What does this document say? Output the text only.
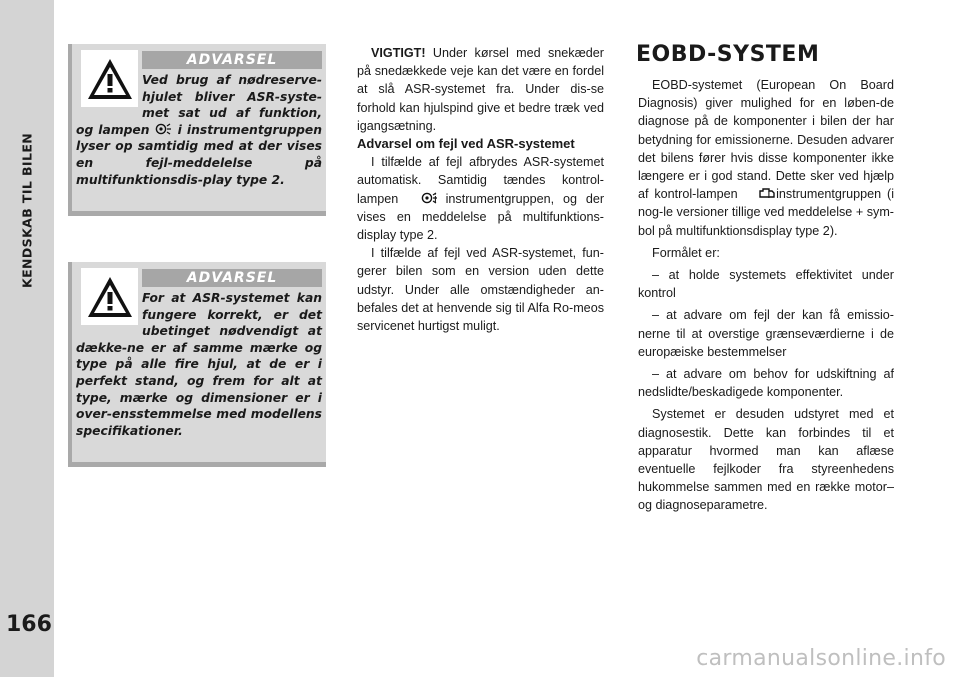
KENDSKAB TIL BILEN
166
ADVARSEL
Ved brug af nødreserve-hjulet bliver ASR-syste-met sat ud af funktion, og lampen i instrumentgruppen lyser op samtidig med at der vises en fejl-meddelelse på multifunktionsdis-play type 2.
ADVARSEL
For at ASR-systemet kan fungere korrekt, er det ubetinget nødvendigt at dække-ne er af samme mærke og type på alle fire hjul, at de er i perfekt stand, og frem for alt at type, mærke og dimensioner er i over-ensstemmelse med modellens specifikationer.

VIGTIGT! Under kørsel med snekæder på snedækkede veje kan det være en fordel at slå ASR-systemet fra. Under dis-se forhold kan hjulspind give et bedre træk ved igangsætning.

Advarsel om fejl ved ASR-systemet

I tilfælde af fejl afbrydes ASR-systemet automatisk. Samtidig tændes kontrol-lampen	i instrumentgruppen, og der vises en meddelelse på multifunktions-display type 2.

I tilfælde af fejl ved ASR-systemet, fun-gerer bilen som en version uden dette udstyr. Under alle omstændigheder an-befales det at henvende sig til Alfa Ro-meos servicenet hurtigst muligt.

EOBD-SYSTEM

EOBD-systemet (European On Board Diagnosis) giver mulighed for en løben-de diagnose på de komponenter i bilen der har betydning for emissionerne. Desuden advarer det bilens fører hvis disse komponenter ikke længere er i god stand. Dette sker ved hjælp af kontrol-lampen i instrumentgruppen (i nog-le versioner tillige ved meddelelse + sym-bol på multifunktionsdisplay type 2).

Formålet er:

– at holde systemets effektivitet under kontrol

– at advare om fejl der kan få emissio-nerne til at overstige grænseværdierne i de europæiske bestemmelser

– at advare om behov for udskiftning af nedslidte/beskadigede komponenter.

Systemet er desuden udstyret med et diagnosestik. Dette kan forbindes til et apparatur hvormed man kan aflæse eventuelle fejlkoder fra styreenhedens hukommelse sammen med en række motor– og diagnoseparametre.

carmanualsonline.info
